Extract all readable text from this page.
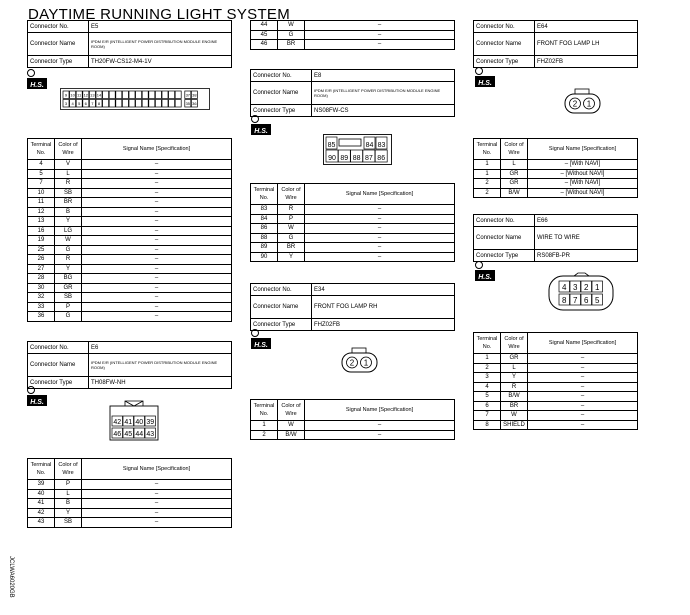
DAYTIME RUNNING LIGHT SYSTEM
Connector No.	E5
Connector Name	IPDM E/R (INTELLIGENT POWER DISTRIBUTION MODULE ENGINE ROOM)
Connector Type	TH20FW-CS12-M4-1V
H.S.
9 10 11 12 13 14	37 38
3 4 5 6 7 8	35 36
Terminal No.	Color of Wire	Signal Name [Specification]
4	V	–
5	L	–
7	R	–
10	SB	–
11	BR	–
12	B	–
13	Y	–
16	LG	–
19	W	–
25	G	–
26	R	–
27	Y	–
28	BG	–
30	GR	–
32	SB	–
33	P	–
36	G	–
Connector No.	E6
Connector Name	IPDM E/R (INTELLIGENT POWER DISTRIBUTION MODULE ENGINE ROOM)
Connector Type	TH08FW-NH
H.S.
42 41 40 39
46 45 44 43
Terminal No.	Color of Wire	Signal Name [Specification]
39	P	–
40	L	–
41	B	–
42	Y	–
43	SB	–
44	W	–
45	G	–
46	BR	–
Connector No.	E8
Connector Name	IPDM E/R (INTELLIGENT POWER DISTRIBUTION MODULE ENGINE ROOM)
Connector Type	NS08FW-CS
H.S.
85	84 83
90 89 88 87 86
Terminal No.	Color of Wire	Signal Name [Specification]
83	R	–
84	P	–
86	W	–
88	G	–
89	BR	–
90	Y	–
Connector No.	E34
Connector Name	FRONT FOG LAMP RH
Connector Type	FHZ02FB
H.S.
2 1
Terminal No.	Color of Wire	Signal Name [Specification]
1	W	–
2	B/W	–
Connector No.	E64
Connector Name	FRONT FOG LAMP LH
Connector Type	FHZ02FB
H.S.
2 1
Terminal No.	Color of Wire	Signal Name [Specification]
1	L	– [With NAVI]
1	GR	– [Without NAVI]
2	GR	– [With NAVI]
2	B/W	– [Without NAVI]
Connector No.	E66
Connector Name	WIRE TO WIRE
Connector Type	RS08FB-PR
H.S.
4 3 2 1
8 7 6 5
Terminal No.	Color of Wire	Signal Name [Specification]
1	GR	–
2	L	–
3	Y	–
4	R	–
5	B/W	–
6	BR	–
7	W	–
8	SHIELD	–
JCLWA6020GB
